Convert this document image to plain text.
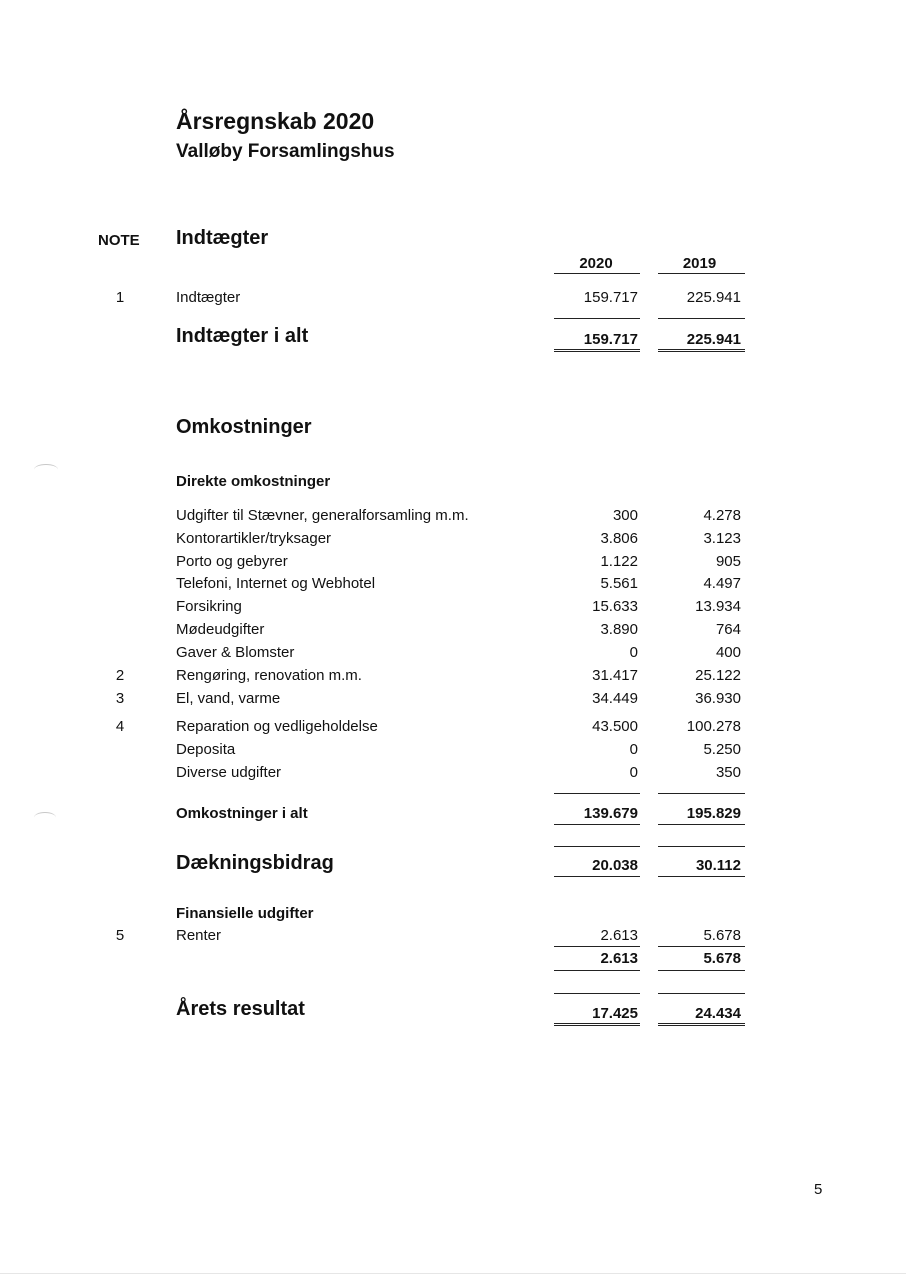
Årsregnskab 2020
Valløby Forsamlingshus
NOTE Indtægter
2020	2019
1	Indtægter	159.717	225.941
Indtægter i alt	159.717	225.941
Omkostninger
Direkte omkostninger
Udgifter til Stævner, generalforsamling m.m.	300	4.278
Kontorartikler/tryksager	3.806	3.123
Porto og gebyrer	1.122	905
Telefoni, Internet og Webhotel	5.561	4.497
Forsikring	15.633	13.934
Mødeudgifter	3.890	764
Gaver & Blomster	0	400
2	Rengøring, renovation m.m.	31.417	25.122
3	El, vand, varme	34.449	36.930
4	Reparation og vedligeholdelse	43.500	100.278
Deposita	0	5.250
Diverse udgifter	0	350
Omkostninger i alt	139.679	195.829
Dækningsbidrag	20.038	30.112
Finansielle udgifter
5	Renter	2.613	5.678
2.613	5.678
Årets resultat	17.425	24.434
5
